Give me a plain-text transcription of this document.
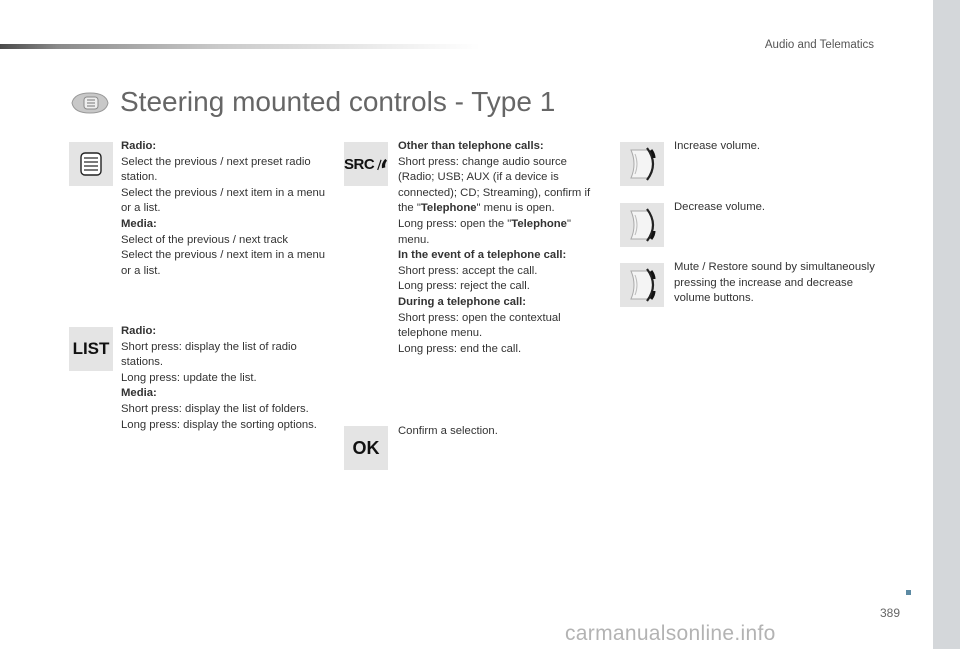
Audio and Telematics
Steering mounted controls - Type 1

Radio:

Select the previous / next preset radio station.

Select the previous / next item in a menu or a list.

Media:

Select of the previous / next track

Select the previous / next item in a menu or a list.

LIST

Radio:

Short press: display the list of radio stations.

Long press: update the list.

Media:

Short press: display the list of folders.

Long press: display the sorting options.

SRC

Other than telephone calls:

Short press: change audio source (Radio; USB; AUX (if a device is connected); CD; Streaming), confirm if the "Telephone" menu is open.

Long press: open the "Telephone" menu.

In the event of a telephone call:

Short press: accept the call.

Long press: reject the call.

During a telephone call:

Short press: open the contextual telephone menu.

Long press: end the call.

OK

Confirm a selection.

Increase volume.

Decrease volume.

Mute / Restore sound by simultaneously pressing the increase and decrease volume buttons.

389
carmanualsonline.info
